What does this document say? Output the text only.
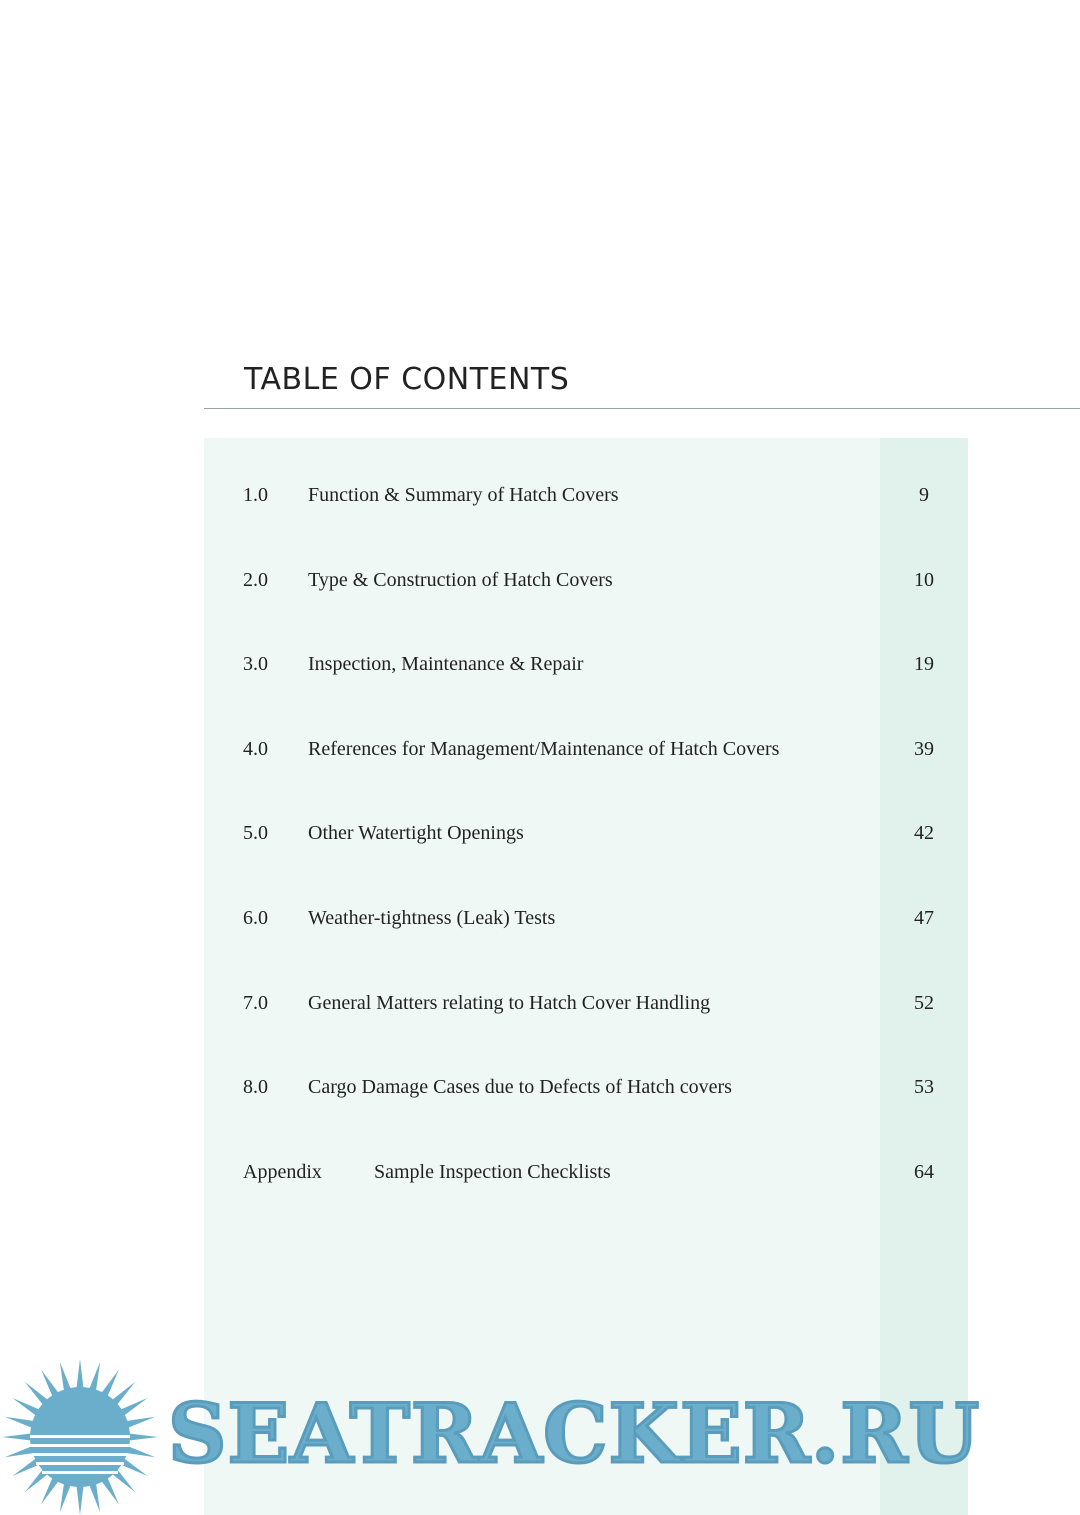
TABLE OF CONTENTS
1.0 Function & Summary of Hatch Covers	9
2.0 Type & Construction of Hatch Covers	10
3.0 Inspection, Maintenance & Repair	19
4.0 References for Management/Maintenance of Hatch Covers	39
5.0 Other Watertight Openings	42
6.0 Weather-tightness (Leak) Tests	47
7.0 General Matters relating to Hatch Cover Handling	52
8.0 Cargo Damage Cases due to Defects of Hatch covers	53
Appendix	Sample Inspection Checklists	64
SEATRACKER.RU
